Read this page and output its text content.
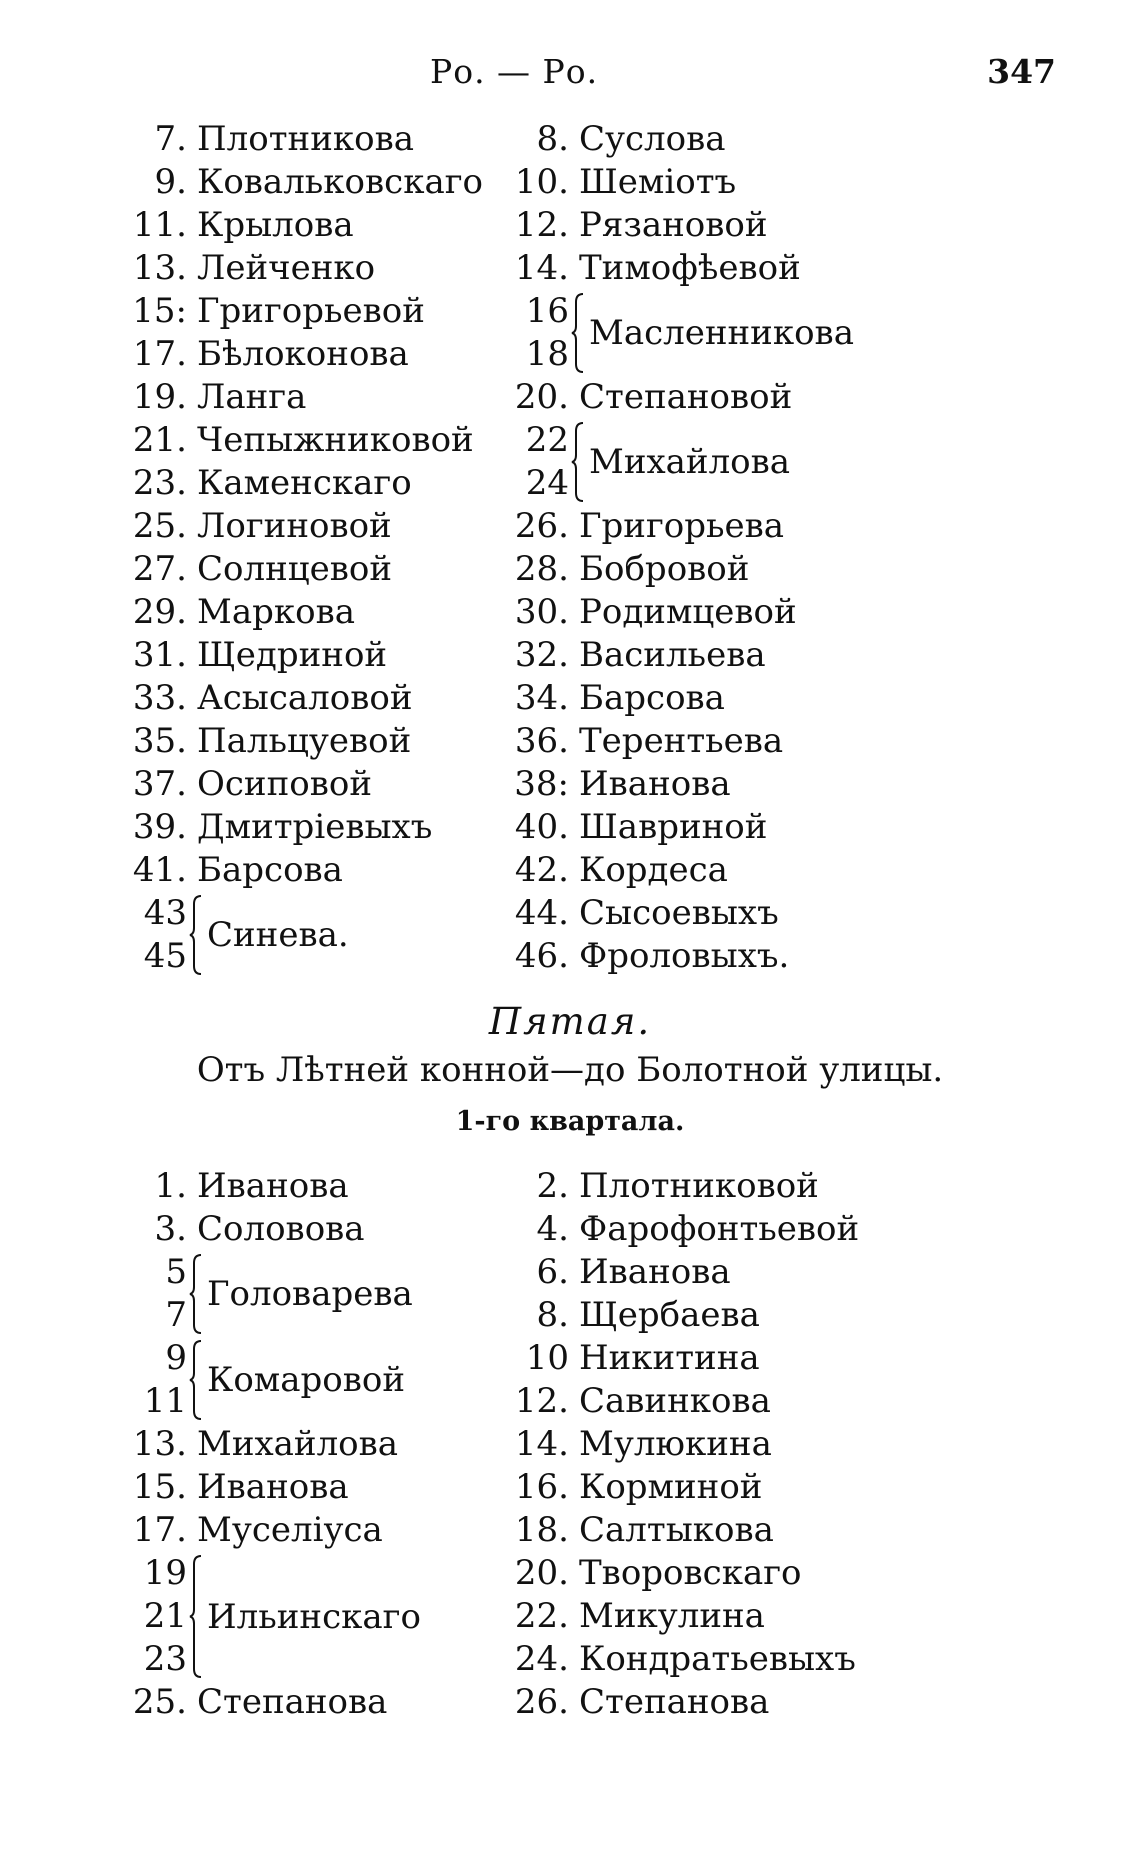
Ро. — Ро.	347
7. Плотникова
9. Ковальковскаго
11. Крылова
13. Лейченко
15: Григорьевой
17. Бѣлоконова
19. Ланга
21. Чепыжниковой
23. Каменскаго
25. Логиновой
27. Солнцевой
29. Маркова
31. Щедриной
33. Асысаловой
35. Пальцуевой
37. Осиповой
39. Дмитріевыхъ
41. Барсова
43
45
Синева.
8. Суслова
10. Шеміотъ
12. Рязановой
14. Тимофѣевой
16
18
Масленникова
20. Степановой
22
24
Михайлова
26. Григорьева
28. Бобровой
30. Родимцевой
32. Васильева
34. Барсова
36. Терентьева
38: Иванова
40. Шавриной
42. Кордеса
44. Сысоевыхъ
46. Фроловыхъ.
Пятая.
Отъ Лѣтней конной—до Болотной улицы.
1-го квартала.
1. Иванова
3. Соловова
5
7
Головарева
9
11
Комаровой
13. Михайлова
15. Иванова
17. Муселіуса
19
21
23
Ильинскаго
25. Степанова
2. Плотниковой
4. Фарофонтьевой
6. Иванова
8. Щербаева
10 Никитина
12. Савинкова
14. Мулюкина
16. Корминой
18. Салтыкова
20. Творовскаго
22. Микулина
24. Кондратьевыхъ
26. Степанова
